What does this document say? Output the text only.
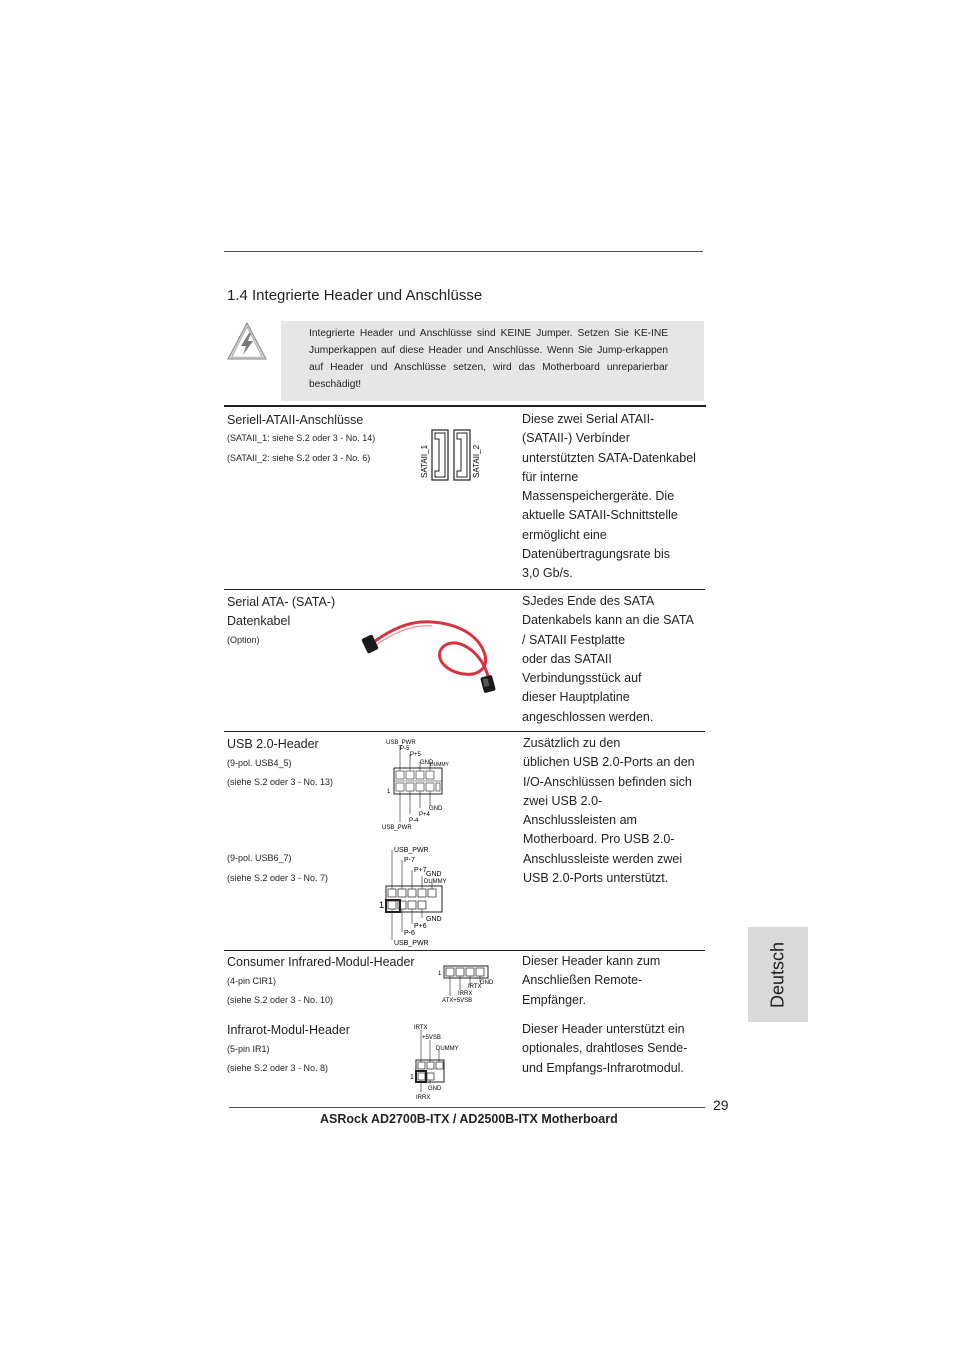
1.4 Integrierte Header und Anschlüsse
Integrierte Header und Anschlüsse sind KEINE Jumper. Setzen Sie KE-INE Jumperkappen auf diese Header und Anschlüsse. Wenn Sie Jump-erkappen auf Header und Anschlüsse setzen, wird das Motherboard unreparierbar beschädigt!
Seriell-ATAII-Anschlüsse
(SATAII_1: siehe S.2 oder 3 - No. 14)
(SATAII_2: siehe S.2 oder 3 - No. 6)	SATAII_1	SATAII_2
Diese zwei Serial ATAII-
(SATAII-) Verbínder
unterstützten SATA-Datenkabel
für interne
Massenspeichergeräte. Die
aktuelle SATAII-Schnittstelle
ermöglicht eine
Datenübertragungsrate bis
3,0 Gb/s.
Serial ATA- (SATA-)
Datenkabel
(Option)
SJedes Ende des SATA
Datenkabels kann an die SATA
/ SATAII Festplatte
oder das SATAII
Verbindungsstück auf
dieser Hauptplatine
angeschlossen werden.
USB 2.0-Header
(9-pol. USB4_5)
(siehe S.2 oder 3 - No. 13)
(9-pol. USB6_7)
(siehe S.2 oder 3 - No. 7)
USB_PWR
P-5
P+5
GND
DUMMY
1
GND
P+4
P-4
USB_PWR
USB_PWR
P-7
P+7
GND
DUMMY
1
GND
P+6
P-6
USB_PWR
Zusätzlich zu den
üblichen USB 2.0-Ports an den
I/O-Anschlüssen befinden sich
zwei USB 2.0-
Anschlussleisten am
Motherboard. Pro USB 2.0-
Anschlussleiste werden zwei
USB 2.0-Ports unterstützt.
Consumer Infrared-Modul-Header
(4-pin CIR1)
(siehe S.2 oder 3 - No. 10)
1
GND
IRTX
IRRX
ATX+5VSB
Dieser Header kann zum
Anschließen Remote-
Empfänger.
Infrarot-Modul-Header
(5-pin IR1)
(siehe S.2 oder 3 - No. 8)
IRTX
+5VSB
DUMMY
1
GND
IRRX
Dieser Header unterstützt ein
optionales, drahtloses Sende-
und Empfangs-Infrarotmodul.
Deutsch
29
ASRock AD2700B-ITX / AD2500B-ITX Motherboard
